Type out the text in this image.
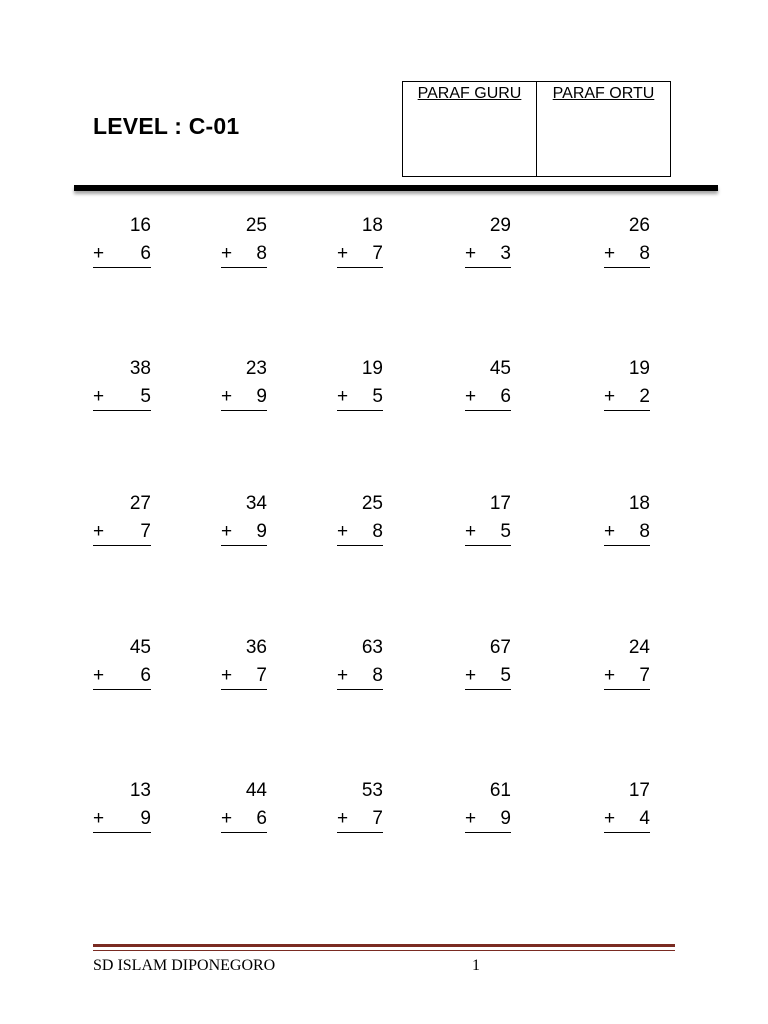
LEVEL : C-01
PARAF GURU	PARAF ORTU
16
+ 6
25
+ 8
18
+ 7
29
+ 3
26
+ 8
38
+ 5
23
+ 9
19
+ 5
45
+ 6
19
+ 2
27
+ 7
34
+ 9
25
+ 8
17
+ 5
18
+ 8
45
+ 6
36
+ 7
63
+ 8
67
+ 5
24
+ 7
13
+ 9
44
+ 6
53
+ 7
61
+ 9
17
+ 4
SD ISLAM DIPONEGORO	1
